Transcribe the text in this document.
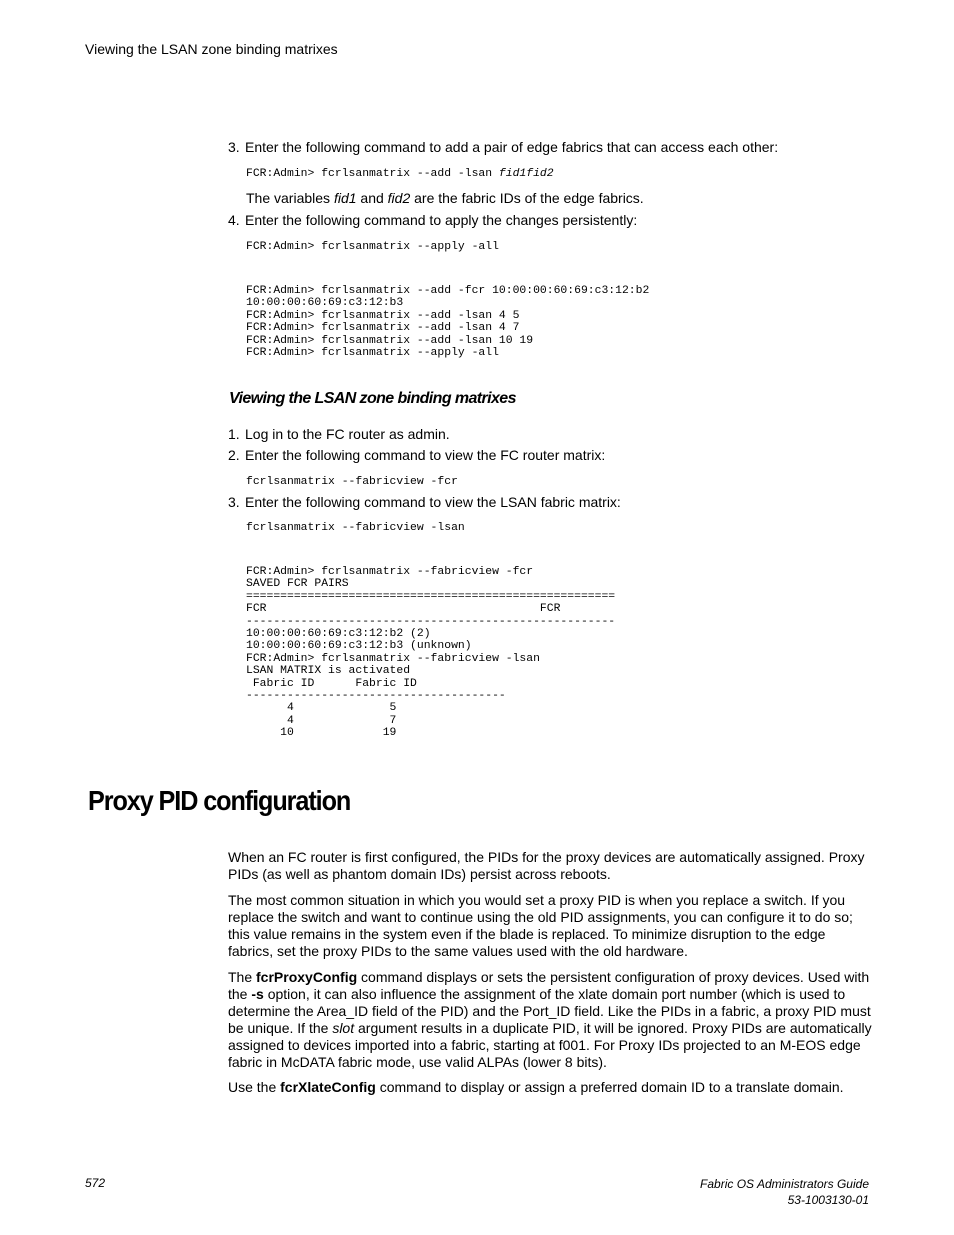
Viewing the LSAN zone binding matrixes
3. Enter the following command to add a pair of edge fabrics that can access each other:
FCR:Admin> fcrlsanmatrix --add -lsan fid1fid2
The variables fid1 and fid2 are the fabric IDs of the edge fabrics.
4. Enter the following command to apply the changes persistently:
FCR:Admin> fcrlsanmatrix --apply -all
FCR:Admin> fcrlsanmatrix --add -fcr 10:00:00:60:69:c3:12:b2
10:00:00:60:69:c3:12:b3
FCR:Admin> fcrlsanmatrix --add -lsan 4 5
FCR:Admin> fcrlsanmatrix --add -lsan 4 7
FCR:Admin> fcrlsanmatrix --add -lsan 10 19
FCR:Admin> fcrlsanmatrix --apply -all
Viewing the LSAN zone binding matrixes
1. Log in to the FC router as admin.
2. Enter the following command to view the FC router matrix:
fcrlsanmatrix --fabricview -fcr
3. Enter the following command to view the LSAN fabric matrix:
fcrlsanmatrix --fabricview -lsan
FCR:Admin> fcrlsanmatrix --fabricview -fcr
SAVED FCR PAIRS
======================================================
FCR                                        FCR
------------------------------------------------------
10:00:00:60:69:c3:12:b2 (2)
10:00:00:60:69:c3:12:b3 (unknown)
FCR:Admin> fcrlsanmatrix --fabricview -lsan
LSAN MATRIX is activated
Fabric ID      Fabric ID
--------------------------------------
4              5
4              7
10             19
Proxy PID configuration
When an FC router is first configured, the PIDs for the proxy devices are automatically assigned. Proxy PIDs (as well as phantom domain IDs) persist across reboots.
The most common situation in which you would set a proxy PID is when you replace a switch. If you replace the switch and want to continue using the old PID assignments, you can configure it to do so; this value remains in the system even if the blade is replaced. To minimize disruption to the edge fabrics, set the proxy PIDs to the same values used with the old hardware.
The fcrProxyConfig command displays or sets the persistent configuration of proxy devices. Used with the -s option, it can also influence the assignment of the xlate domain port number (which is used to determine the Area_ID field of the PID) and the Port_ID field. Like the PIDs in a fabric, a proxy PID must be unique. If the slot argument results in a duplicate PID, it will be ignored. Proxy PIDs are automatically assigned to devices imported into a fabric, starting at f001. For Proxy IDs projected to an M-EOS edge fabric in McDATA fabric mode, use valid ALPAs (lower 8 bits).
Use the fcrXlateConfig command to display or assign a preferred domain ID to a translate domain.
572	Fabric OS Administrators Guide
53-1003130-01
